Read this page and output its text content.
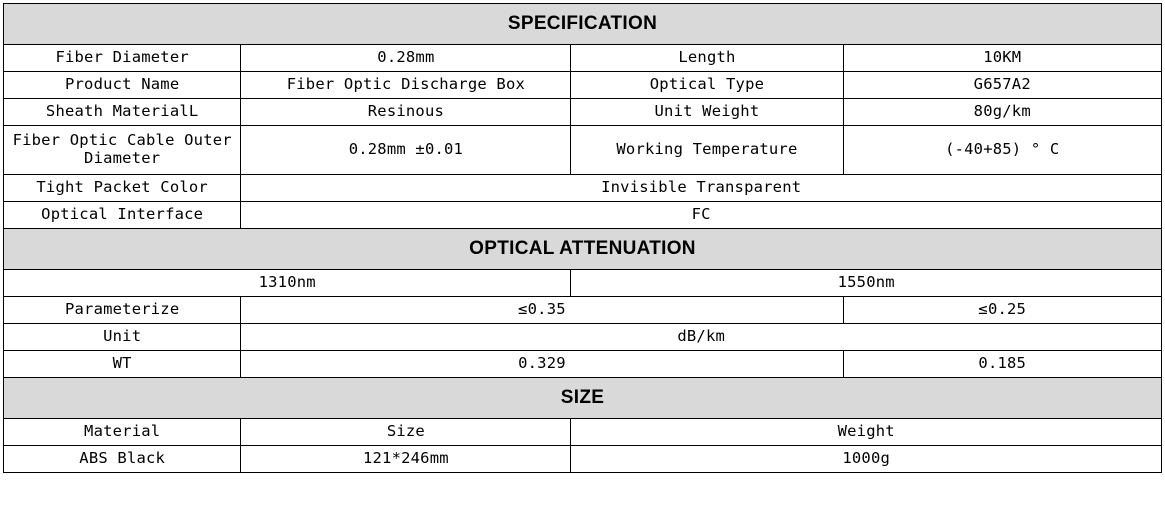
SPECIFICATION			

Fiber Diameter	0.28mm	Length	10KM

Product Name	Fiber Optic Discharge Box	Optical Type	G657A2

Sheath MaterialL	Resinous	Unit Weight	80g/km

Fiber Optic Cable Outer Diameter	0.28mm ±0.01	Working Temperature	(-40+85) ° C

Tight Packet Color	Invisible Transparent		

Optical Interface	FC		

OPTICAL ATTENUATION			

1310nm		1550nm	

Parameterize	≤0.35		≤0.25

Unit	dB/km		

WT	0.329		0.185

SIZE			

Material	Size	Weight	

ABS Black	121*246mm	1000g	
